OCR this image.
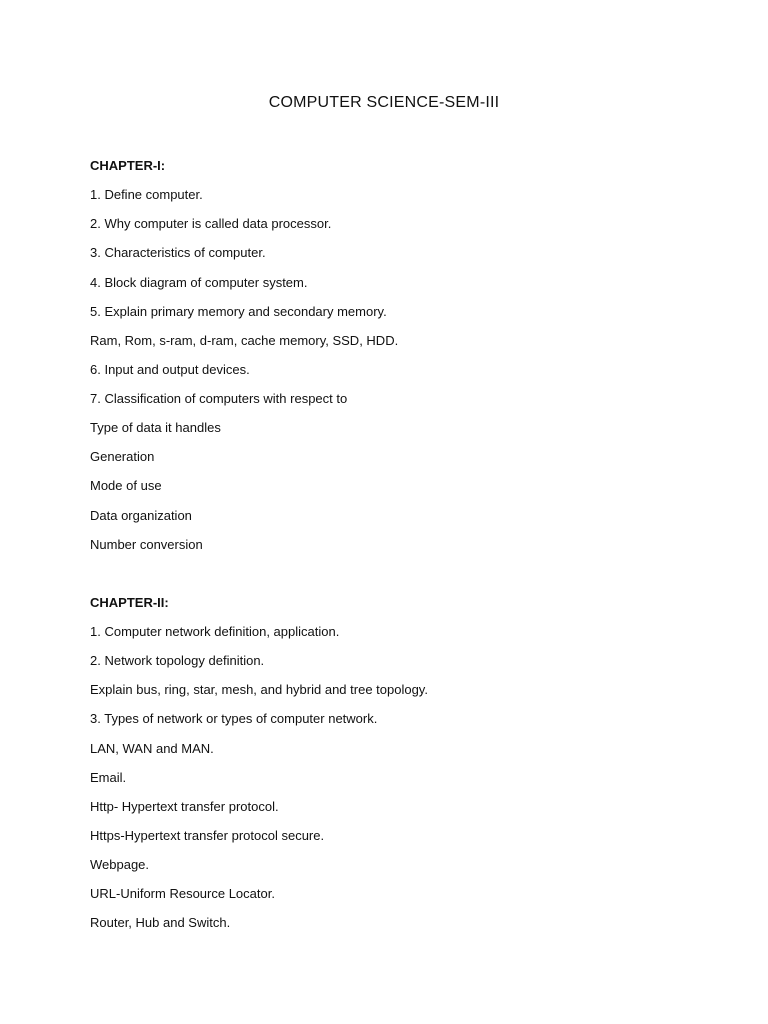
COMPUTER SCIENCE-SEM-III
CHAPTER-I:
1. Define computer.
2. Why computer is called data processor.
3. Characteristics of computer.
4. Block diagram of computer system.
5. Explain primary memory and secondary memory.
Ram, Rom, s-ram, d-ram, cache memory, SSD, HDD.
6. Input and output devices.
7. Classification of computers with respect to
Type of data it handles
Generation
Mode of use
Data organization
Number conversion
CHAPTER-II:
1. Computer network definition, application.
2. Network topology definition.
Explain bus, ring, star, mesh, and hybrid and tree topology.
3. Types of network or types of computer network.
LAN, WAN and MAN.
Email.
Http- Hypertext transfer protocol.
Https-Hypertext transfer protocol secure.
Webpage.
URL-Uniform Resource Locator.
Router, Hub and Switch.
